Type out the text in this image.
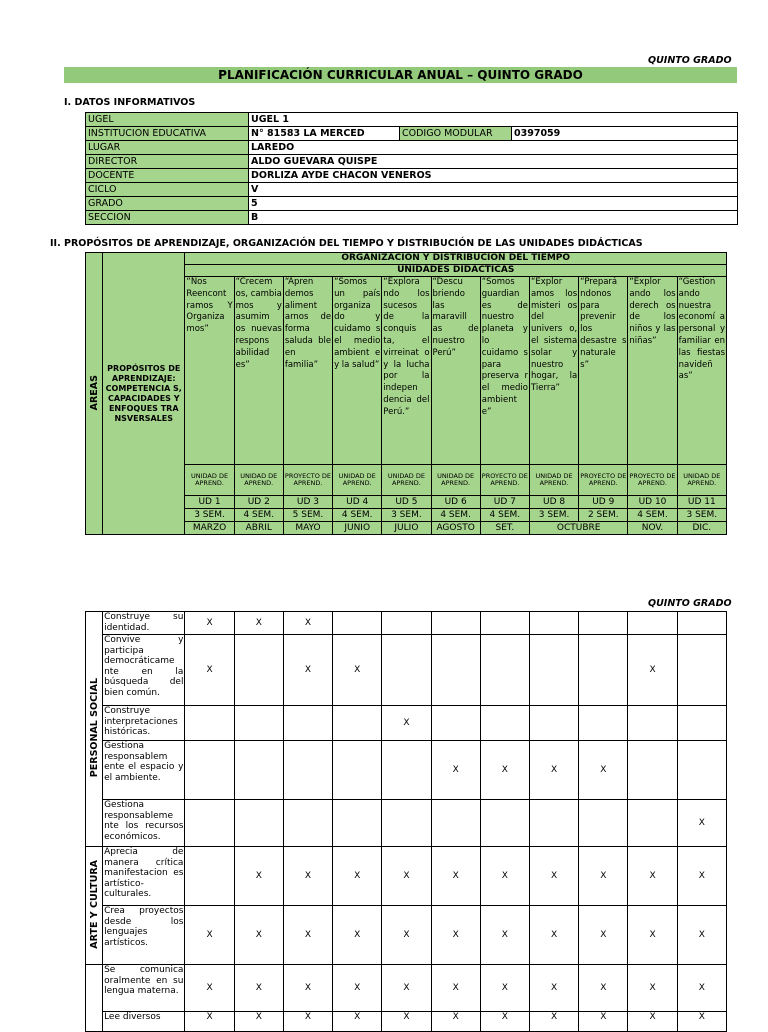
QUINTO GRADO
PLANIFICACIÓN CURRICULAR ANUAL – QUINTO GRADO
I. DATOS INFORMATIVOS
UGEL	UGEL 1		
INSTITUCION EDUCATIVA	N° 81583 LA MERCED	CODIGO MODULAR	0397059
LUGAR	LAREDO		
DIRECTOR	ALDO GUEVARA QUISPE		
DOCENTE	DORLIZA AYDE CHACON VENEROS		
CICLO	V		
GRADO	5		
SECCION	B		
II. PROPÓSITOS DE APRENDIZAJE, ORGANIZACIÓN DEL TIEMPO Y DISTRIBUCIÓN DE LAS UNIDADES DIDÁCTICAS
AREAS	PROPÓSITOS DE APRENDIZAJE: COMPETENCIA S, CAPACIDADES Y ENFOQUES TRA NSVERSALES	ORGANIZACION Y DISTRIBUCION DEL TIEMPO										
		UNIDADES DIDACTICAS										
		“Nos Reencont ramos Y Organiza mos”	“Crecem os, cambia mos y asumim os nuevas respons abilidad es”	“Apren demos aliment arnos de forma saluda ble en familia”	“Somos un país organiza do y cuidamo s el medio ambient e y la salud”	“Explora ndo los sucesos de la conquis ta, el virreinat o y la lucha por la indepen dencia del Perú.”	“Descu briendo las maravill as de nuestro Perú”	“Somos guardian es de nuestro planeta y lo cuidamo s para preserva r el medio ambient e”	“Explor amos los misteri os del univers o, el sistema solar y nuestro hogar, la Tierra”	“Prepará ndonos para prevenir los desastre s naturale s”	“Explor ando los derech os de los niños y las niñas”	“Gestion ando nuestra economí a personal y familiar en las fiestas navideñ as”
		UNIDAD DE APREND.	UNIDAD DE APREND.	PROYECTO DE APREND.	UNIDAD DE APREND.	UNIDAD DE APREND.	UNIDAD DE APREND.	PROYECTO DE APREND.	UNIDAD DE APREND.	PROYECTO DE APREND.	PROYECTO DE APREND.	UNIDAD DE APREND.
		UD 1	UD 2	UD 3	UD 4	UD 5	UD 6	UD 7	UD 8	UD 9	UD 10	UD 11
		3 SEM.	4 SEM.	5 SEM.	4 SEM.	3 SEM.	4 SEM.	4 SEM.	3 SEM.	2 SEM.	4 SEM.	3 SEM.
		MARZO	ABRIL	MAYO	JUNIO	JULIO	AGOSTO	SET.	OCTUBRE		NOV.	DIC.
QUINTO GRADO
PERSONAL SOCIAL	Construye su identidad.	X	X	X								
	Convive y participa democráticame nte en la búsqueda del bien común.	X		X	X						X	
	Construye interpretaciones históricas.					X						
	Gestiona responsablem ente el espacio y el ambiente.						X	X	X	X		
	Gestiona responsableme nte los recursos económicos.											X
ARTE Y CULTURA	Aprecia de manera crítica manifestacion es artístico-culturales.		X	X	X	X	X	X	X	X	X	X
	Crea proyectos desde los lenguajes artísticos.	X	X	X	X	X	X	X	X	X	X	X
	Se comunica oralmente en su lengua materna.	X	X	X	X	X	X	X	X	X	X	X
	Lee diversos	X	X	X	X	X	X	X	X	X	X	X
